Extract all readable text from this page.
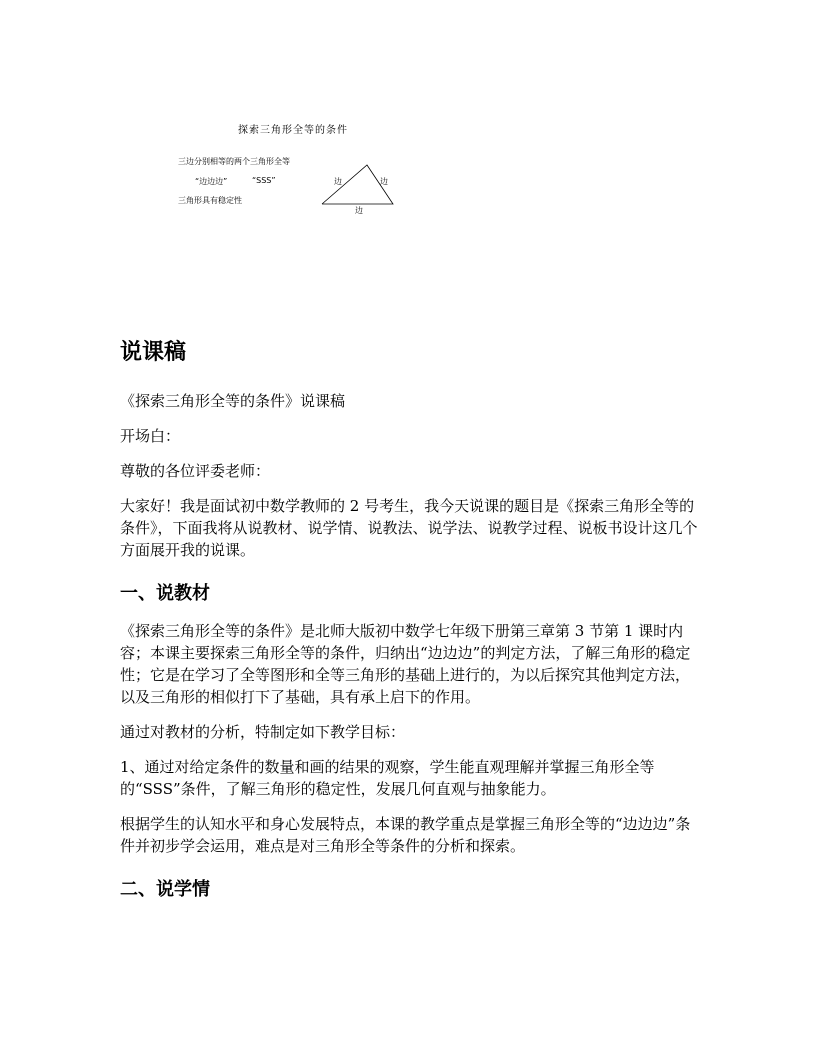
探索三角形全等的条件
三边分别相等的两个三角形全等
“边边边”	“SSS”
三角形具有稳定性
边	边
边
说课稿

《探索三角形全等的条件》说课稿

开场白：

尊敬的各位评委老师：

大家好！我是面试初中数学教师的 2 号考生，我今天说课的题目是《探索三角形全等的条件》，下面我将从说教材、说学情、说教法、说学法、说教学过程、说板书设计这几个方面展开我的说课。

一、说教材

《探索三角形全等的条件》是北师大版初中数学七年级下册第三章第 3 节第 1 课时内容；本课主要探索三角形全等的条件，归纳出“边边边”的判定方法，了解三角形的稳定性；它是在学习了全等图形和全等三角形的基础上进行的，为以后探究其他判定方法，以及三角形的相似打下了基础，具有承上启下的作用。

通过对教材的分析，特制定如下教学目标：

1、通过对给定条件的数量和画的结果的观察，学生能直观理解并掌握三角形全等的“SSS”条件，了解三角形的稳定性，发展几何直观与抽象能力。

根据学生的认知水平和身心发展特点，本课的教学重点是掌握三角形全等的“边边边”条件并初步学会运用，难点是对三角形全等条件的分析和探索。

二、说学情
